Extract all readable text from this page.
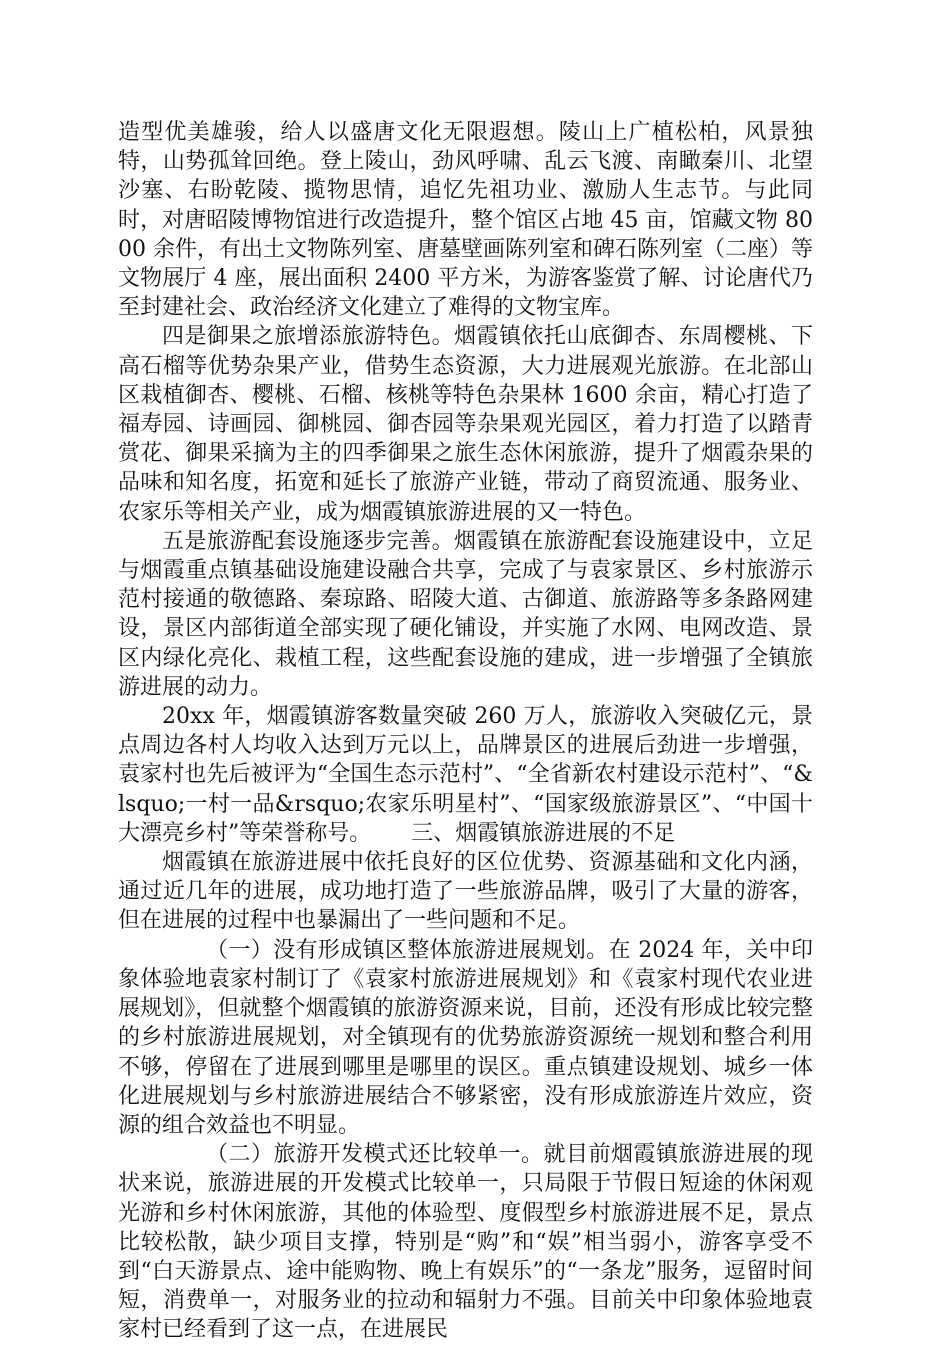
造型优美雄骏，给人以盛唐文化无限遐想。陵山上广植松柏，风景独特，山势孤耸回绝。登上陵山，劲风呼啸、乱云飞渡、南瞰秦川、北望沙塞、右盼乾陵、揽物思情，追忆先祖功业、激励人生志节。与此同时，对唐昭陵博物馆进行改造提升，整个馆区占地 45 亩，馆藏文物 8000 余件，有出土文物陈列室、唐墓壁画陈列室和碑石陈列室（二座）等文物展厅 4 座，展出面积 2400 平方米，为游客鉴赏了解、讨论唐代乃至封建社会、政治经济文化建立了难得的文物宝库。

四是御果之旅增添旅游特色。烟霞镇依托山底御杏、东周樱桃、下高石榴等优势杂果产业，借势生态资源，大力进展观光旅游。在北部山区栽植御杏、樱桃、石榴、核桃等特色杂果林 1600 余亩，精心打造了福寿园、诗画园、御桃园、御杏园等杂果观光园区，着力打造了以踏青赏花、御果采摘为主的四季御果之旅生态休闲旅游，提升了烟霞杂果的品味和知名度，拓宽和延长了旅游产业链，带动了商贸流通、服务业、农家乐等相关产业，成为烟霞镇旅游进展的又一特色。

五是旅游配套设施逐步完善。烟霞镇在旅游配套设施建设中，立足与烟霞重点镇基础设施建设融合共享，完成了与袁家景区、乡村旅游示范村接通的敬德路、秦琼路、昭陵大道、古御道、旅游路等多条路网建设，景区内部街道全部实现了硬化铺设，并实施了水网、电网改造、景区内绿化亮化、栽植工程，这些配套设施的建成，进一步增强了全镇旅游进展的动力。

20xx 年，烟霞镇游客数量突破 260 万人，旅游收入突破亿元，景点周边各村人均收入达到万元以上，品牌景区的进展后劲进一步增强，袁家村也先后被评为“全国生态示范村”、“全省新农村建设示范村”、“&lsquo;一村一品&rsquo;农家乐明星村”、“国家级旅游景区”、“中国十大漂亮乡村”等荣誉称号。　　 三、烟霞镇旅游进展的不足

烟霞镇在旅游进展中依托良好的区位优势、资源基础和文化内涵，通过近几年的进展，成功地打造了一些旅游品牌，吸引了大量的游客，但在进展的过程中也暴漏出了一些问题和不足。

（一）没有形成镇区整体旅游进展规划。在 2024 年，关中印象体验地袁家村制订了《袁家村旅游进展规划》和《袁家村现代农业进展规划》，但就整个烟霞镇的旅游资源来说，目前，还没有形成比较完整的乡村旅游进展规划，对全镇现有的优势旅游资源统一规划和整合利用不够，停留在了进展到哪里是哪里的误区。重点镇建设规划、城乡一体化进展规划与乡村旅游进展结合不够紧密，没有形成旅游连片效应，资源的组合效益也不明显。

（二）旅游开发模式还比较单一。就目前烟霞镇旅游进展的现状来说，旅游进展的开发模式比较单一，只局限于节假日短途的休闲观光游和乡村休闲旅游，其他的体验型、度假型乡村旅游进展不足，景点比较松散，缺少项目支撑，特别是“购”和“娱”相当弱小，游客享受不到“白天游景点、途中能购物、晚上有娱乐”的“一条龙”服务，逗留时间短，消费单一，对服务业的拉动和辐射力不强。目前关中印象体验地袁家村已经看到了这一点，在进展民
